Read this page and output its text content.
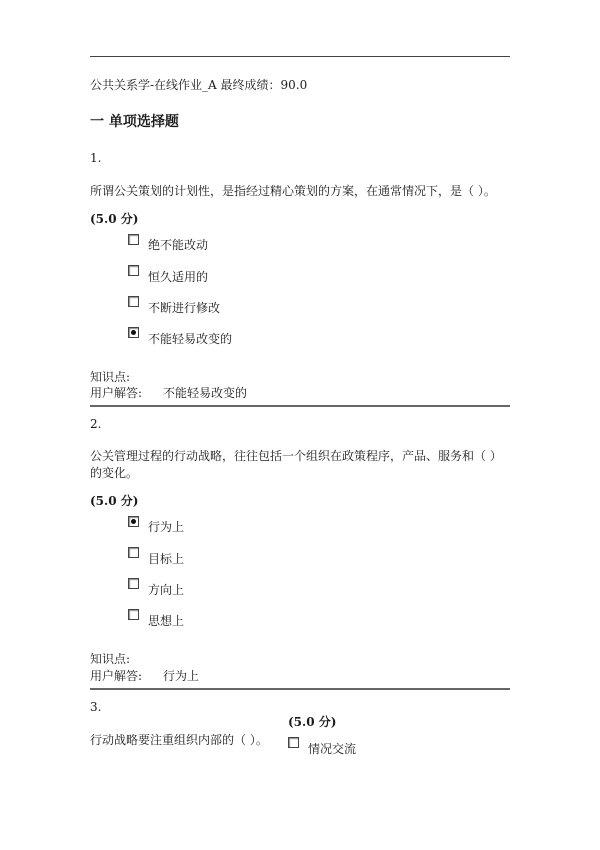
公共关系学-在线作业_A 最终成绩：90.0
一 单项选择题
1.
所谓公关策划的计划性，是指经过精心策划的方案，在通常情况下，是（ ）。
(5.0 分)
绝不能改动
恒久适用的
不断进行修改
不能轻易改变的
知识点:
用户解答: 不能轻易改变的
2.
公关管理过程的行动战略，往往包括一个组织在政策程序，产品、服务和（ ）
的变化。
(5.0 分)
行为上
目标上
方向上
思想上
知识点:
用户解答: 行为上
3.
(5.0 分)
行动战略要注重组织内部的（ ）。
情况交流
